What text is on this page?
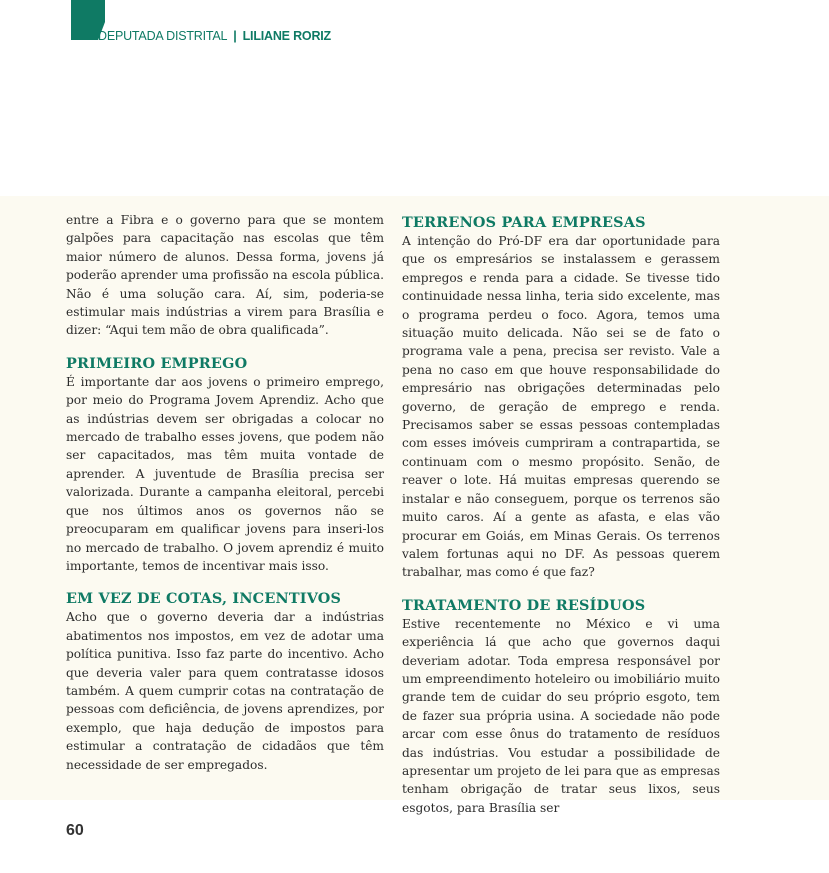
DEPUTADA DISTRITAL | LILIANE RORIZ

entre a Fibra e o governo para que se montem galpões para capacitação nas escolas que têm maior número de alunos. Dessa forma, jovens já poderão aprender uma profissão na escola pública. Não é uma solução cara. Aí, sim, poderia-se estimular mais indústrias a virem para Brasília e dizer: “Aqui tem mão de obra qualificada”.

PRIMEIRO EMPREGO

É importante dar aos jovens o primeiro emprego, por meio do Programa Jovem Aprendiz. Acho que as indústrias devem ser obrigadas a colocar no mercado de trabalho esses jovens, que podem não ser capacitados, mas têm muita vontade de aprender. A juventude de Brasília precisa ser valorizada. Durante a campanha eleitoral, percebi que nos últimos anos os governos não se preocuparam em qualificar jovens para inseri-los no mercado de trabalho. O jovem aprendiz é muito importante, temos de incentivar mais isso.

EM VEZ DE COTAS, INCENTIVOS

Acho que o governo deveria dar a indústrias abatimentos nos impostos, em vez de adotar uma política punitiva. Isso faz parte do incentivo. Acho que deveria valer para quem contratasse idosos também. A quem cumprir cotas na contratação de pessoas com deficiência, de jovens aprendizes, por exemplo, que haja dedução de impostos para estimular a contratação de cidadãos que têm necessidade de ser empregados.

TERRENOS PARA EMPRESAS

A intenção do Pró-DF era dar oportunidade para que os empresários se instalassem e gerassem empregos e renda para a cidade. Se tivesse tido continuidade nessa linha, teria sido excelente, mas o programa perdeu o foco. Agora, temos uma situação muito delicada. Não sei se de fato o programa vale a pena, precisa ser revisto. Vale a pena no caso em que houve responsabilidade do empresário nas obrigações determinadas pelo governo, de geração de emprego e renda. Precisamos saber se essas pessoas contempladas com esses imóveis cumpriram a contrapartida, se continuam com o mesmo propósito. Senão, de reaver o lote. Há muitas empresas querendo se instalar e não conseguem, porque os terrenos são muito caros. Aí a gente as afasta, e elas vão procurar em Goiás, em Minas Gerais. Os terrenos valem fortunas aqui no DF. As pessoas querem trabalhar, mas como é que faz?

TRATAMENTO DE RESÍDUOS

Estive recentemente no México e vi uma experiência lá que acho que governos daqui deveriam adotar. Toda empresa responsável por um empreendimento hoteleiro ou imobiliário muito grande tem de cuidar do seu próprio esgoto, tem de fazer sua própria usina. A sociedade não pode arcar com esse ônus do tratamento de resíduos das indústrias. Vou estudar a possibilidade de apresentar um projeto de lei para que as empresas tenham obrigação de tratar seus lixos, seus esgotos, para Brasília ser

60
